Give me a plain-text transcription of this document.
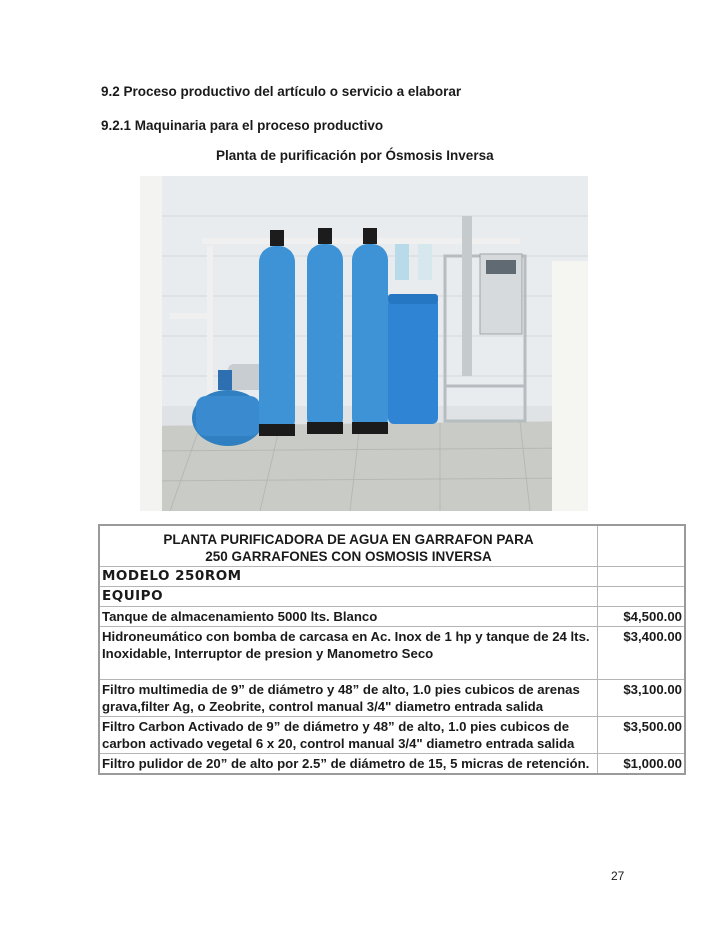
9.2 Proceso productivo del artículo o servicio a elaborar
9.2.1 Maquinaria para el proceso productivo
Planta de purificación por Ósmosis Inversa
PLANTA PURIFICADORA DE AGUA EN GARRAFON PARA
250 GARRAFONES CON OSMOSIS INVERSA	

MODELO 250ROM	
EQUIPO	
Tanque de almacenamiento 5000 lts. Blanco	$4,500.00
Hidroneumático con bomba de carcasa en Ac. Inox de 1 hp y tanque de 24 lts. Inoxidable, Interruptor de presion y Manometro Seco	$3,400.00
Filtro multimedia de 9” de diámetro y 48” de alto, 1.0 pies cubicos de arenas grava,filter Ag, o Zeobrite, control manual 3/4" diametro entrada salida	$3,100.00
Filtro Carbon Activado de 9” de diámetro y 48” de alto, 1.0 pies cubicos de carbon activado vegetal 6 x 20, control manual 3/4" diametro entrada salida	$3,500.00
Filtro pulidor de 20” de alto por 2.5” de diámetro de 15, 5 micras de retención.	$1,000.00
27
